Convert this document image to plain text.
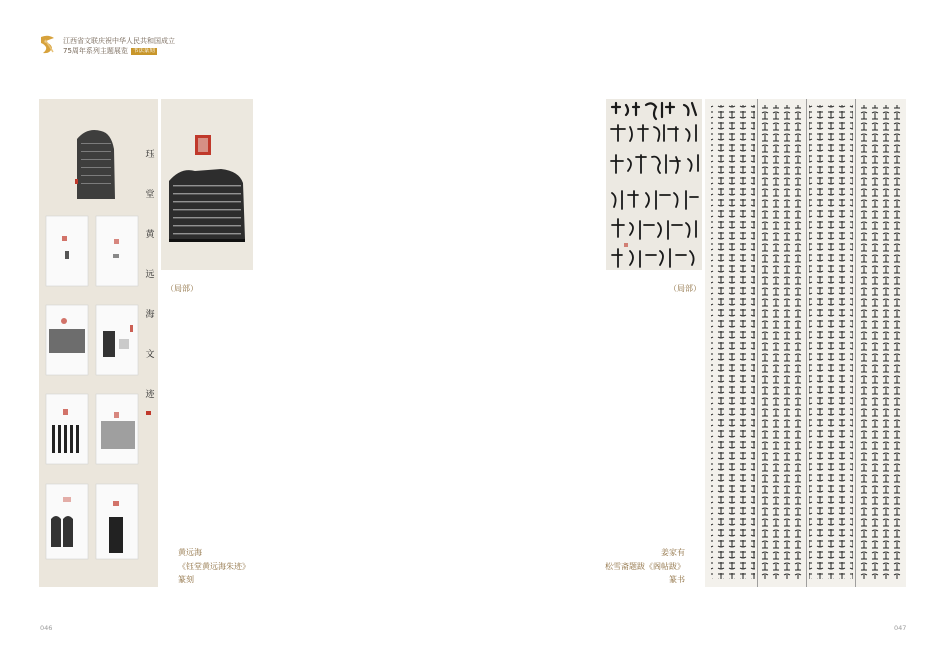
江西省文联庆祝中华人民共和国成立
75周年系列主题展览 书法篆刻
珏
堂
黄
远
海
文
迹
（局部）
黄远海
《钰堂黄远海朱迹》
篆刻
046
（局部）
姜家有
松雪斋题跋《阁帖跋》
篆书
047
